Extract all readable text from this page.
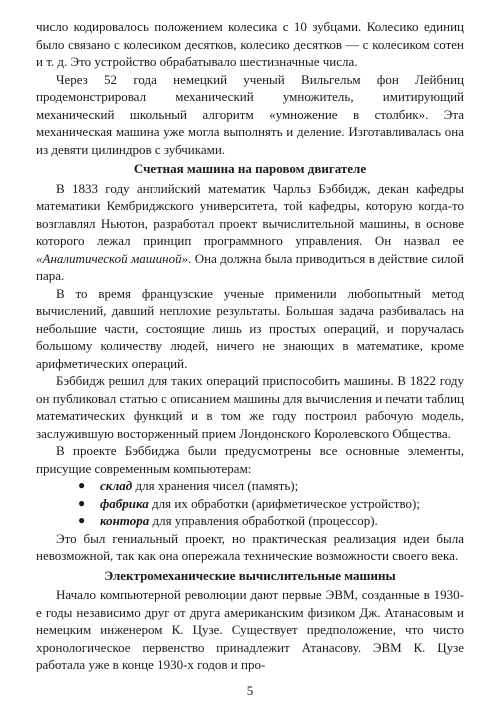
число кодировалось положением колесика с 10 зубцами. Колесико единиц было связано с колесиком десятков, колесико десятков — с колесиком сотен и т. д. Это устройство обрабатывало шестизначные числа.

Через 52 года немецкий ученый Вильгельм фон Лейбниц продемонстрировал механический умножитель, имитирующий механический школьный алгоритм «умножение в столбик». Эта механическая машина уже могла выполнять и деление. Изготавливалась она из девяти цилиндров с зубчиками.

Счетная машина на паровом двигателе

В 1833 году английский математик Чарльз Бэббидж, декан кафедры математики Кембриджского университета, той кафедры, которую когда-то возглавлял Ньютон, разработал проект вычислительной машины, в основе которого лежал принцип программного управления. Он назвал ее «Аналитической машиной». Она должна была приводиться в действие силой пара.

В то время французские ученые применили любопытный метод вычислений, давший неплохие результаты. Большая задача разбивалась на небольшие части, состоящие лишь из простых операций, и поручалась большому количеству людей, ничего не знающих в математике, кроме арифметических операций.

Бэббидж решил для таких операций приспособить машины. В 1822 году он публиковал статью с описанием машины для вычисления и печати таблиц математических функций и в том же году построил рабочую модель, заслужившую восторженный прием Лондонского Королевского Общества.

В проекте Бэббиджа были предусмотрены все основные элементы, присущие современным компьютерам:

● склад для хранения чисел (память);
● фабрика для их обработки (арифметическое устройство);
● контора для управления обработкой (процессор).

Это был гениальный проект, но практическая реализация идеи была невозможной, так как она опережала технические возможности своего века.

Электромеханические вычислительные машины

Начало компьютерной революции дают первые ЭВМ, созданные в 1930-е годы независимо друг от друга американским физиком Дж. Атанасовым и немецким инженером К. Цузе. Существует предположение, что чисто хронологическое первенство принадлежит Атанасову. ЭВМ К. Цузе работала уже в конце 1930-х годов и про-

5
